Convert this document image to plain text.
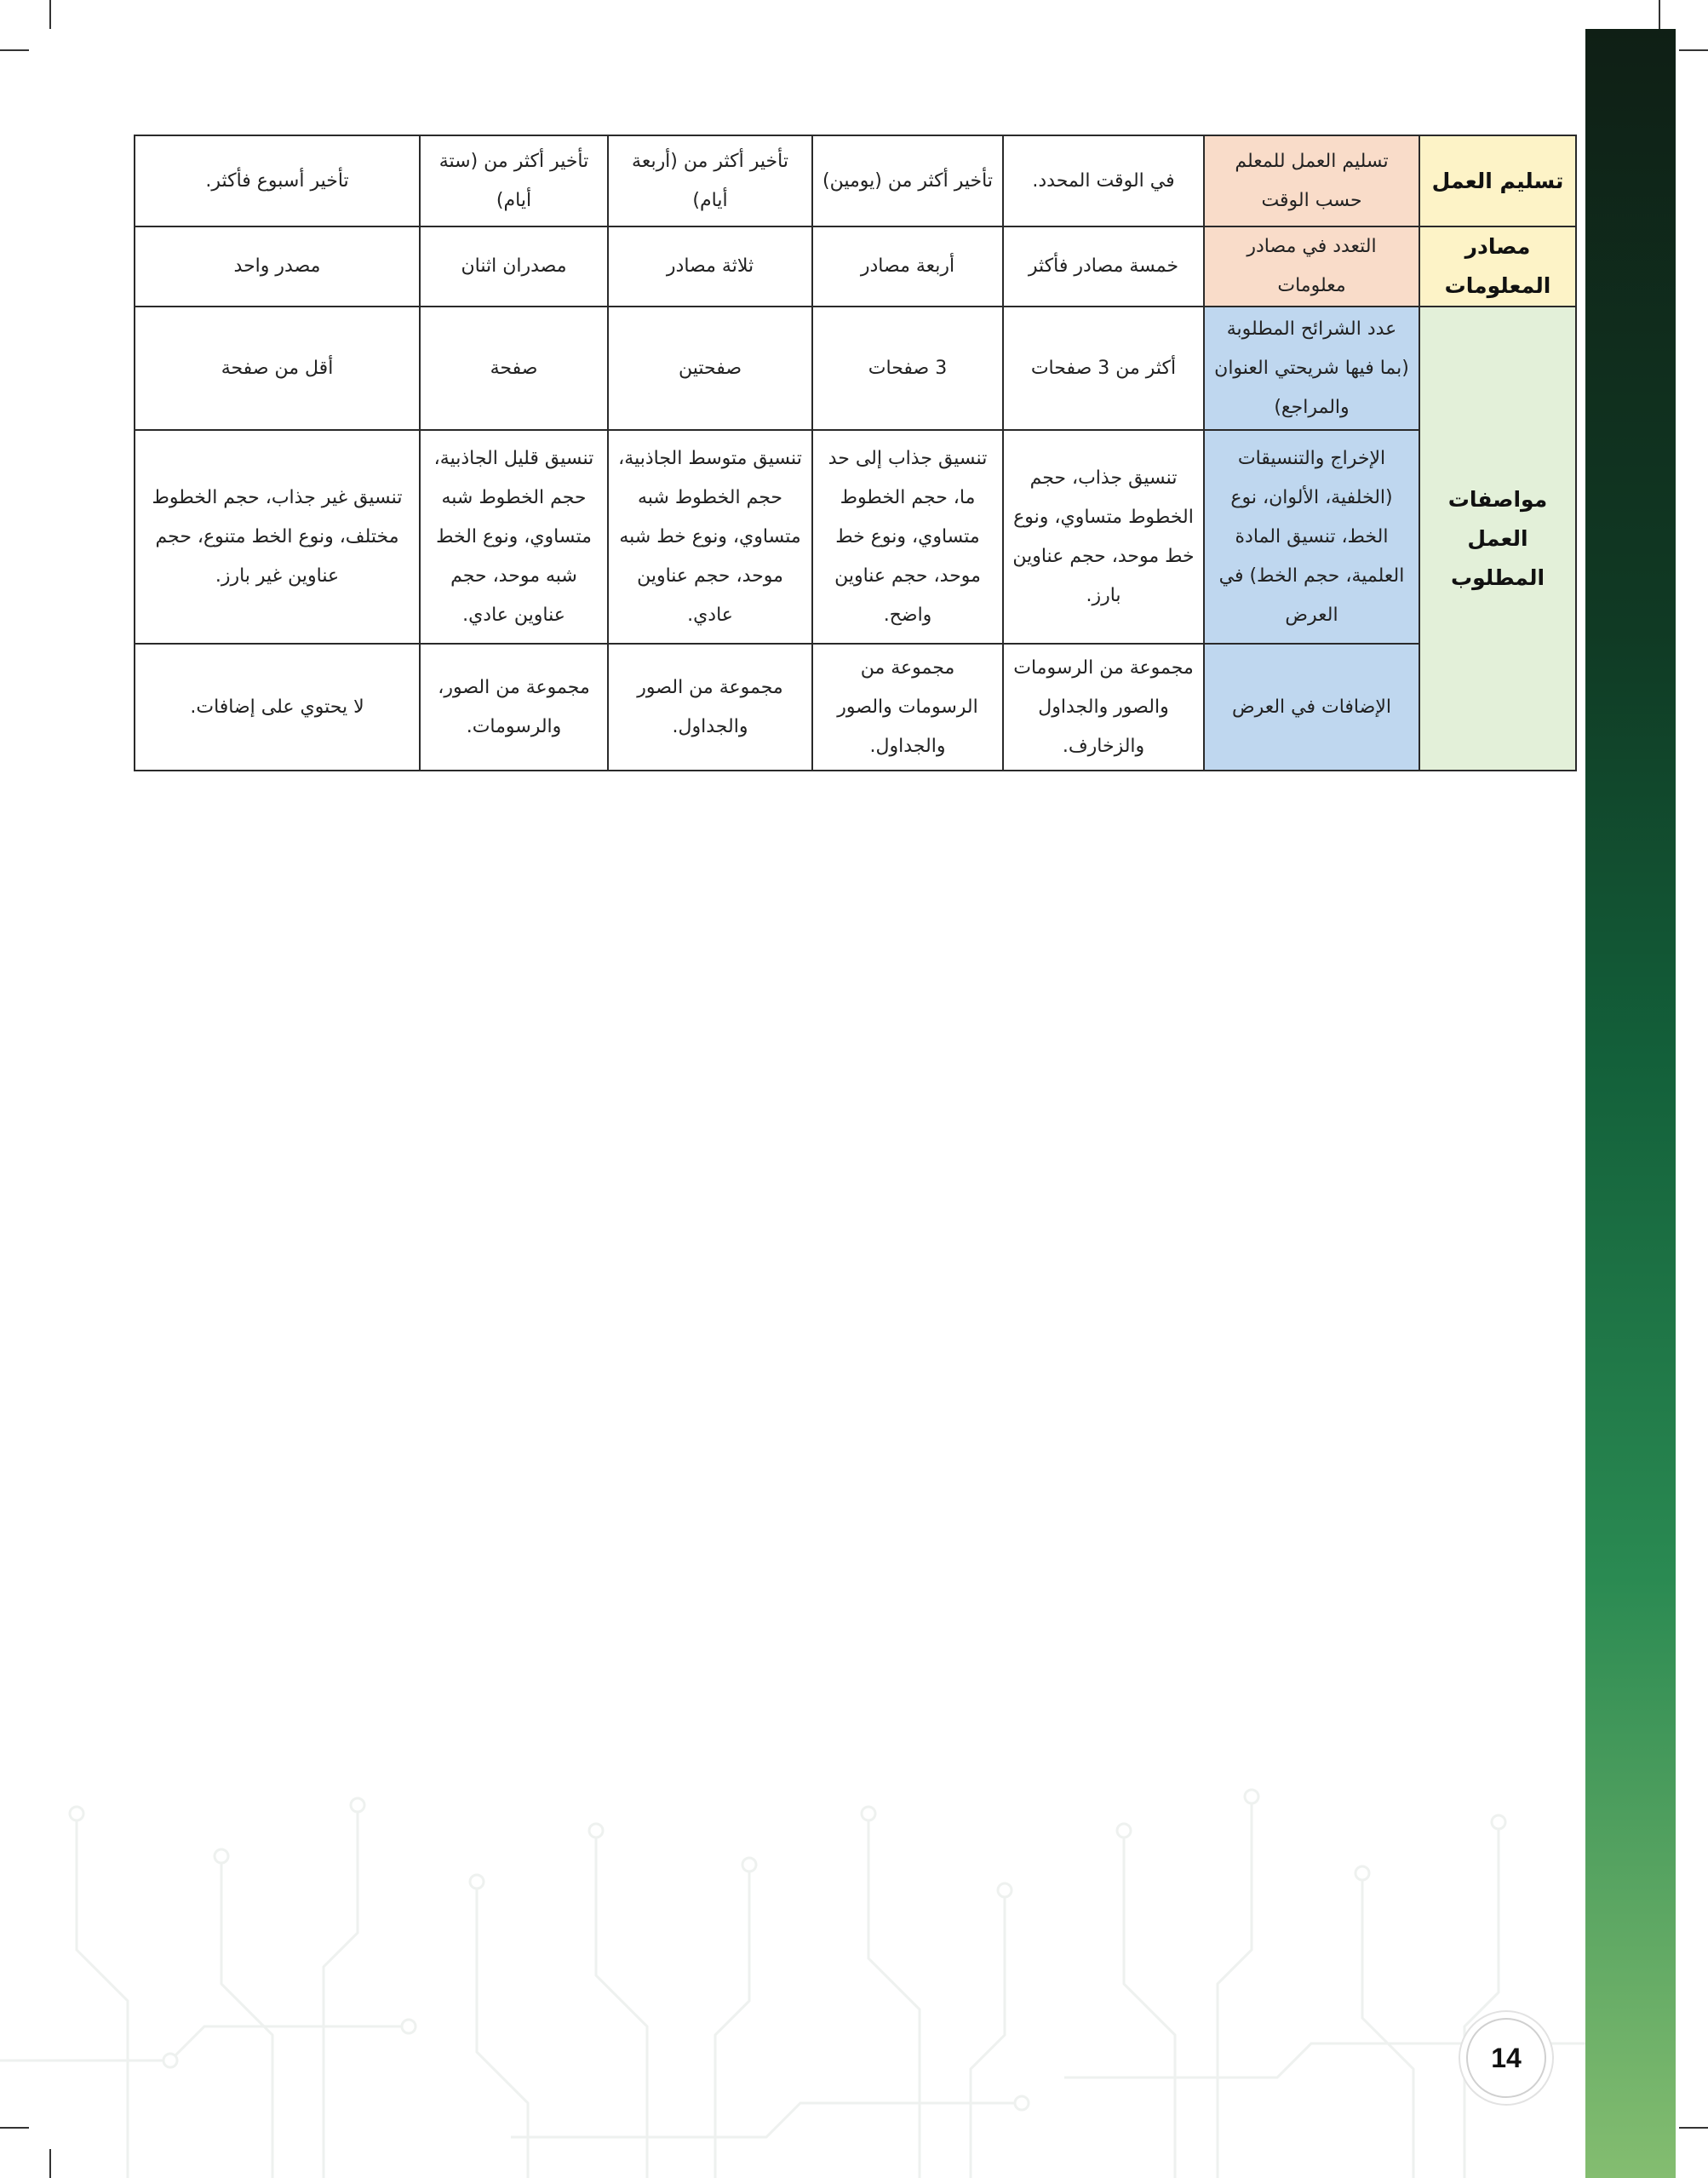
تسليم العمل	تسليم العمل للمعلم حسب الوقت	في الوقت المحدد.	تأخير أكثر من (يومين)	تأخير أكثر من (أربعة أيام)	تأخير أكثر من (ستة أيام)	تأخير أسبوع فأكثر.
مصادر المعلومات	التعدد في مصادر معلومات	خمسة مصادر فأكثر	أربعة مصادر	ثلاثة مصادر	مصدران اثنان	مصدر واحد
مواصفات العمل المطلوب	عدد الشرائح المطلوبة (بما فيها شريحتي العنوان والمراجع)	أكثر من 3 صفحات	3 صفحات	صفحتين	صفحة	أقل من صفحة
	الإخراج والتنسيقات (الخلفية، الألوان، نوع الخط، تنسيق المادة العلمية، حجم الخط) في العرض	تنسيق جذاب، حجم الخطوط متساوي، ونوع خط موحد، حجم عناوين بارز.	تنسيق جذاب إلى حد ما، حجم الخطوط متساوي، ونوع خط موحد، حجم عناوين واضح.	تنسيق متوسط الجاذبية، حجم الخطوط شبه متساوي، ونوع خط شبه موحد، حجم عناوين عادي.	تنسيق قليل الجاذبية، حجم الخطوط شبه متساوي، ونوع الخط شبه موحد، حجم عناوين عادي.	تنسيق غير جذاب، حجم الخطوط مختلف، ونوع الخط متنوع، حجم عناوين غير بارز.
	الإضافات في العرض	مجموعة من الرسومات والصور والجداول والزخارف.	مجموعة من الرسومات والصور والجداول.	مجموعة من الصور والجداول.	مجموعة من الصور، والرسومات.	لا يحتوي على إضافات.
14
